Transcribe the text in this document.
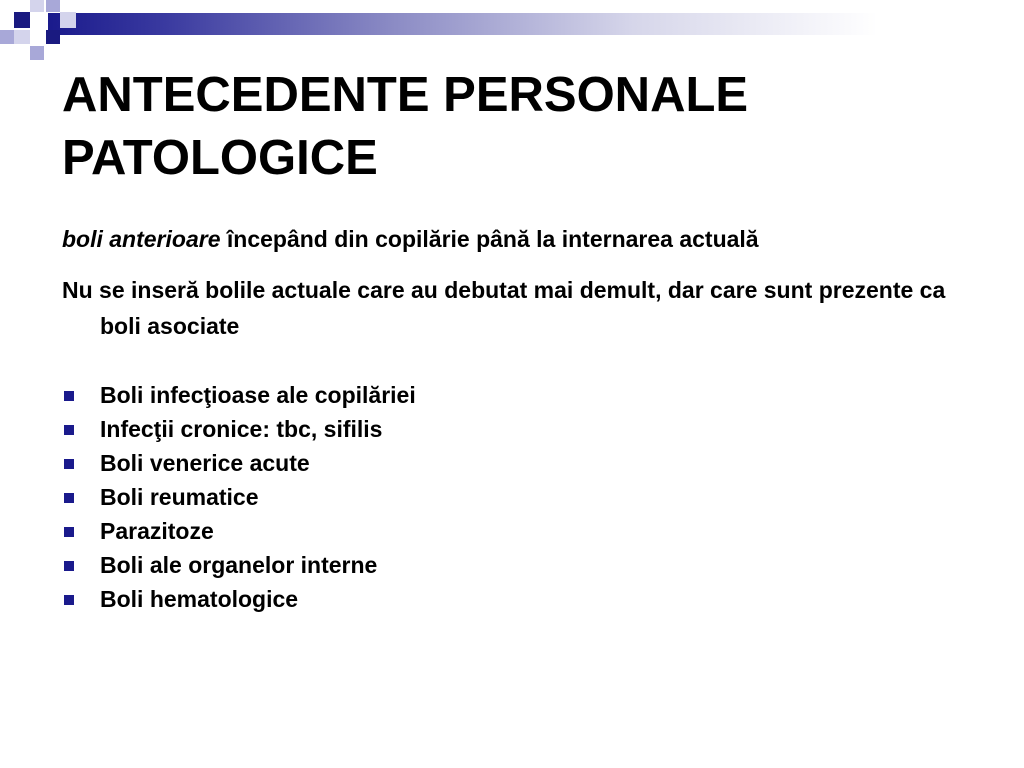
ANTECEDENTE PERSONALE PATOLOGICE

boli anterioare începând din copilărie până la internarea actuală

Nu se inseră bolile actuale care au debutat mai demult, dar care sunt prezente ca boli asociate

Boli infecţioase ale copilăriei
Infecţii cronice: tbc, sifilis
Boli venerice acute
Boli reumatice
Parazitoze
Boli ale organelor interne
Boli hematologice
